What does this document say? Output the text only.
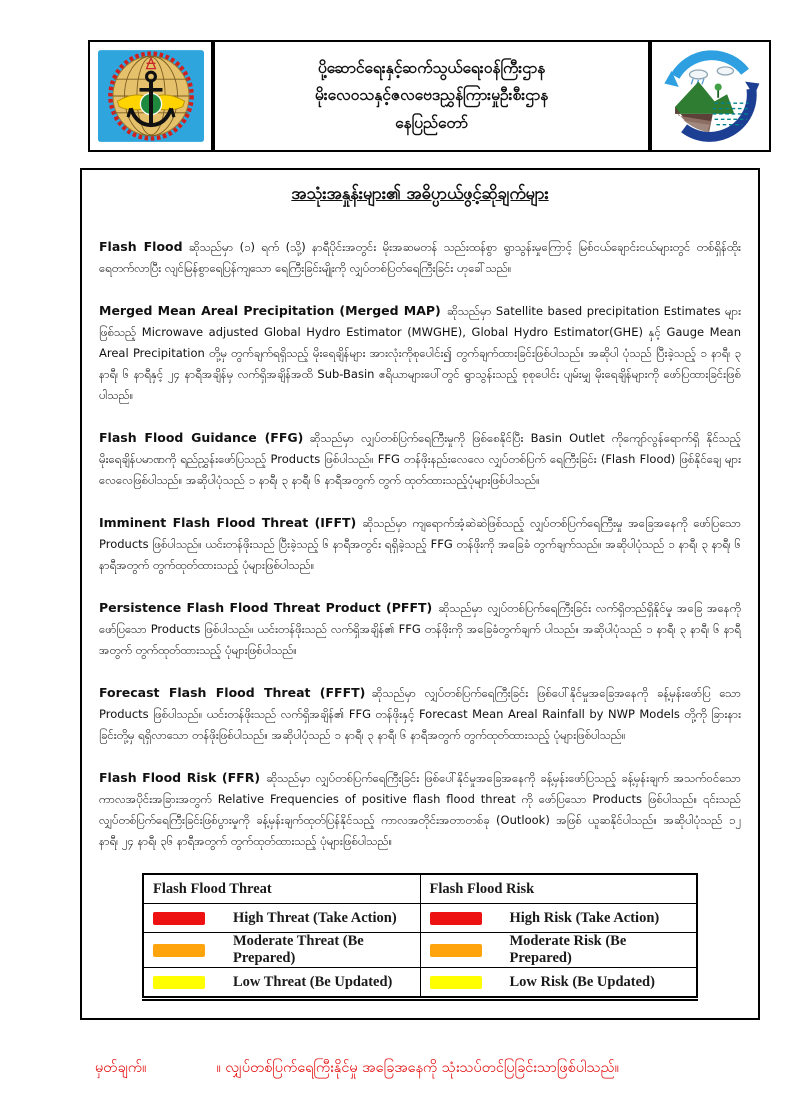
ပို့ဆောင်ရေးနှင့်ဆက်သွယ်ရေးဝန်ကြီးဌာန
မိုးလေဝသနှင့်ဇလဗေဒညွှန်ကြားမှုဦးစီးဌာန
နေပြည်တော်
အသုံးအနှုန်းများ၏ အဓိပ္ပာယ်ဖွင့်ဆိုချက်များ

Flash Flood ဆိုသည်မှာ (၁) ရက် (သို့) နာရီပိုင်းအတွင်း မိုးအဆမတန် သည်းထန်စွာ ရွာသွန်းမှုကြောင့် မြစ်ငယ်ချောင်းငယ်များတွင် တစ်ရှိန်ထိုးရေတက်လာပြီး လျင်မြန်စွာရေပြန်ကျသော ရေကြီးခြင်းမျိုးကို လျှပ်တစ်ပြတ်ရေကြီးခြင်း ဟုခေါ်သည်။

Merged Mean Areal Precipitation (Merged MAP) ဆိုသည်မှာ Satellite based precipitation Estimates များဖြစ်သည့် Microwave adjusted Global Hydro Estimator (MWGHE), Global Hydro Estimator(GHE) နှင့် Gauge Mean Areal Precipitation တို့မှ တွက်ချက်ရရှိသည့် မိုးရေချိန်များ အားလုံးကိုစုပေါင်း၍ တွက်ချက်ထားခြင်းဖြစ်ပါသည်။ အဆိုပါ ပုံသည် ပြီးခဲ့သည့် ၁ နာရီ၊ ၃ နာရီ၊ ၆ နာရီနှင့် ၂၄ နာရီအချိန်မှ လက်ရှိအချိန်အထိ Sub-Basin ဧရိယာများပေါ်တွင် ရွာသွန်းသည့် စုစုပေါင်း ပျမ်းမျှ မိုးရေချိန်များကို ဖော်ပြထားခြင်းဖြစ်ပါသည်။

Flash Flood Guidance (FFG) ဆိုသည်မှာ လျှပ်တစ်ပြက်ရေကြီးမှုကို ဖြစ်စေနိုင်ပြီး Basin Outlet ကိုကျော်လွန်ရောက်ရှိ နိုင်သည့် မိုးရေချိန်ပမာဏကို ရည်ညွှန်းဖော်ပြသည့် Products ဖြစ်ပါသည်။ FFG တန်ဖိုးနည်းလေလေ လျှပ်တစ်ပြက် ရေကြီးခြင်း (Flash Flood) ဖြစ်နိုင်ချေ များလေလေဖြစ်ပါသည်။ အဆိုပါပုံသည် ၁ နာရီ၊ ၃ နာရီ၊ ၆ နာရီအတွက် တွက် ထုတ်ထားသည့်ပုံများဖြစ်ပါသည်။

Imminent Flash Flood Threat (IFFT) ဆိုသည်မှာ ကျရောက်အံ့ဆဲဆဲဖြစ်သည့် လျှပ်တစ်ပြက်ရေကြီးမှု အခြေအနေကို ဖော်ပြသော Products ဖြစ်ပါသည်။ ယင်းတန်ဖိုးသည် ပြီးခဲ့သည့် ၆ နာရီအတွင်း ရရှိခဲ့သည့် FFG တန်ဖိုးကို အခြေခံ တွက်ချက်သည်။ အဆိုပါပုံသည် ၁ နာရီ၊ ၃ နာရီ၊ ၆ နာရီအတွက် တွက်ထုတ်ထားသည့် ပုံများဖြစ်ပါသည်။

Persistence Flash Flood Threat Product (PFFT) ဆိုသည်မှာ လျှပ်တစ်ပြက်ရေကြီးခြင်း လက်ရှိတည်ရှိနိုင်မှု အခြေ အနေကို ဖော်ပြသော Products ဖြစ်ပါသည်။ ယင်းတန်ဖိုးသည် လက်ရှိအချိန်၏ FFG တန်ဖိုးကို အခြေခံတွက်ချက် ပါသည်။ အဆိုပါပုံသည် ၁ နာရီ၊ ၃ နာရီ၊ ၆ နာရီအတွက် တွက်ထုတ်ထားသည့် ပုံများဖြစ်ပါသည်။

Forecast Flash Flood Threat (FFFT) ဆိုသည်မှာ လျှပ်တစ်ပြက်ရေကြီးခြင်း ဖြစ်ပေါ်နိုင်မှုအခြေအနေကို ခန့်မှန်းဖော်ပြ သော Products ဖြစ်ပါသည်။ ယင်းတန်ဖိုးသည် လက်ရှိအချိန်၏ FFG တန်ဖိုးနှင့် Forecast Mean Areal Rainfall by NWP Models တို့ကို ခြားနားခြင်းတို့မှ ရရှိလာသော တန်ဖိုးဖြစ်ပါသည်။ အဆိုပါပုံသည် ၁ နာရီ၊ ၃ နာရီ၊ ၆ နာရီအတွက် တွက်ထုတ်ထားသည့် ပုံများဖြစ်ပါသည်။

Flash Flood Risk (FFR) ဆိုသည်မှာ လျှပ်တစ်ပြက်ရေကြီးခြင်း ဖြစ်ပေါ်နိုင်မှုအခြေအနေကို ခန့်မှန်းဖော်ပြသည့် ခန့်မှန်းချက် အသက်ဝင်သော ကာလအပိုင်းအခြားအတွက် Relative Frequencies of positive flash flood threat ကို ဖော်ပြသော Products ဖြစ်ပါသည်။ ၎င်းသည် လျှပ်တစ်ပြက်ရေကြီးခြင်းဖြစ်ပွားမှုကို ခန့်မှန်းချက်ထုတ်ပြန်နိုင်သည့် ကာလအတိုင်းအတာတစ်ခု (Outlook) အဖြစ် ယူဆနိုင်ပါသည်။ အဆိုပါပုံသည် ၁၂ နာရီ၊ ၂၄ နာရီ၊ ၃၆ နာရီအတွက် တွက်ထုတ်ထားသည့် ပုံများဖြစ်ပါသည်။

Flash Flood Threat	Flash Flood Risk

High Threat (Take Action)	High Risk (Take Action)

Moderate Threat (Be Prepared)	Moderate Risk (Be Prepared)

Low Threat (Be Updated)	Low Risk (Be Updated)
မှတ်ချက်။	။ လျှပ်တစ်ပြက်ရေကြီးနိုင်မှု အခြေအနေကို သုံးသပ်တင်ပြခြင်းသာဖြစ်ပါသည်။
